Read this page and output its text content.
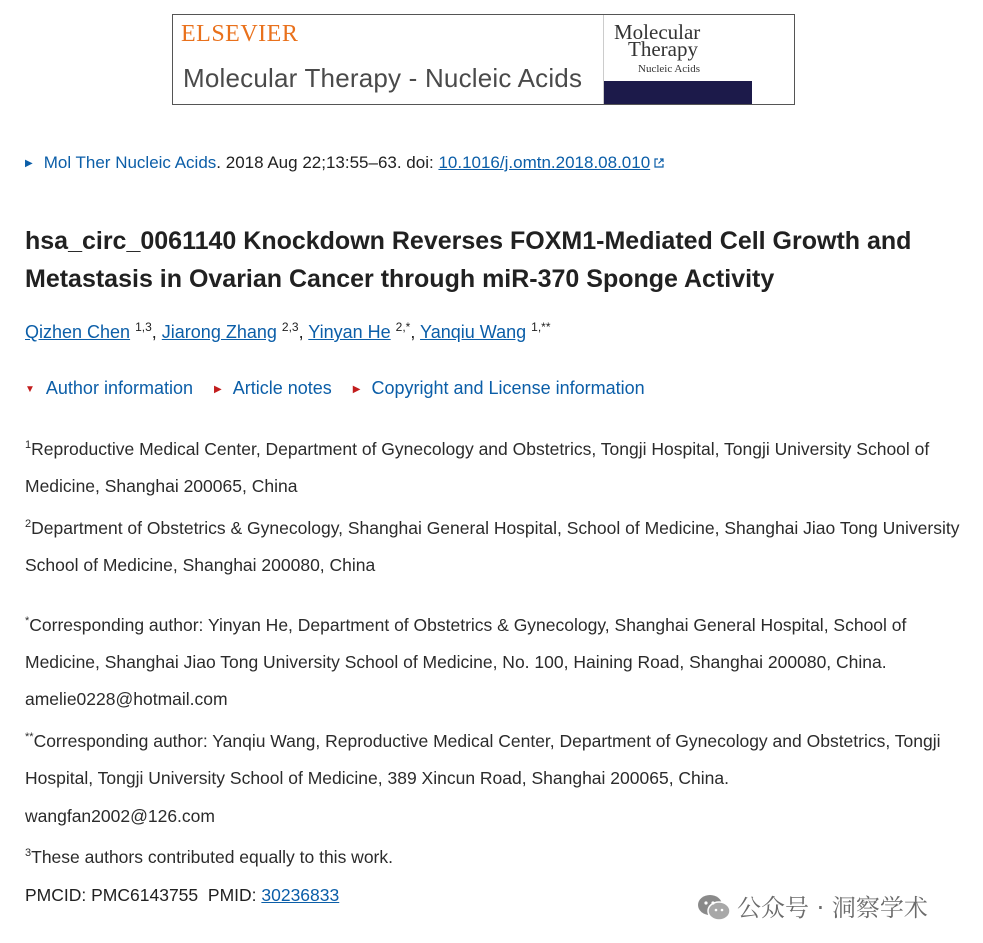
ELSEVIER
Molecular Therapy - Nucleic Acids
Molecular
Therapy
Nucleic Acids
▶ Mol Ther Nucleic Acids. 2018 Aug 22;13:55–63. doi: 10.1016/j.omtn.2018.08.010
hsa_circ_0061140 Knockdown Reverses FOXM1-Mediated Cell Growth and Metastasis in Ovarian Cancer through miR-370 Sponge Activity
Qizhen Chen $^{1,3}$, Jiarong Zhang $^{2,3}$, Yinyan He $^{2,*}$, Yanqiu Wang $^{1,**}$
▼ Author information ▶ Article notes ▶ Copyright and License information

$^1$Reproductive Medical Center, Department of Gynecology and Obstetrics, Tongji Hospital, Tongji University School of Medicine, Shanghai 200065, China

$^2$Department of Obstetrics & Gynecology, Shanghai General Hospital, School of Medicine, Shanghai Jiao Tong University School of Medicine, Shanghai 200080, China

*Corresponding author: Yinyan He, Department of Obstetrics & Gynecology, Shanghai General Hospital, School of Medicine, Shanghai Jiao Tong University School of Medicine, No. 100, Haining Road, Shanghai 200080, China.
amelie0228@hotmail.com

**Corresponding author: Yanqiu Wang, Reproductive Medical Center, Department of Gynecology and Obstetrics, Tongji Hospital, Tongji University School of Medicine, 389 Xincun Road, Shanghai 200065, China.
wangfan2002@126.com

$^3$These authors contributed equally to this work.

PMCID: PMC6143755 PMID: 30236833	公众号 · 洞察学术
